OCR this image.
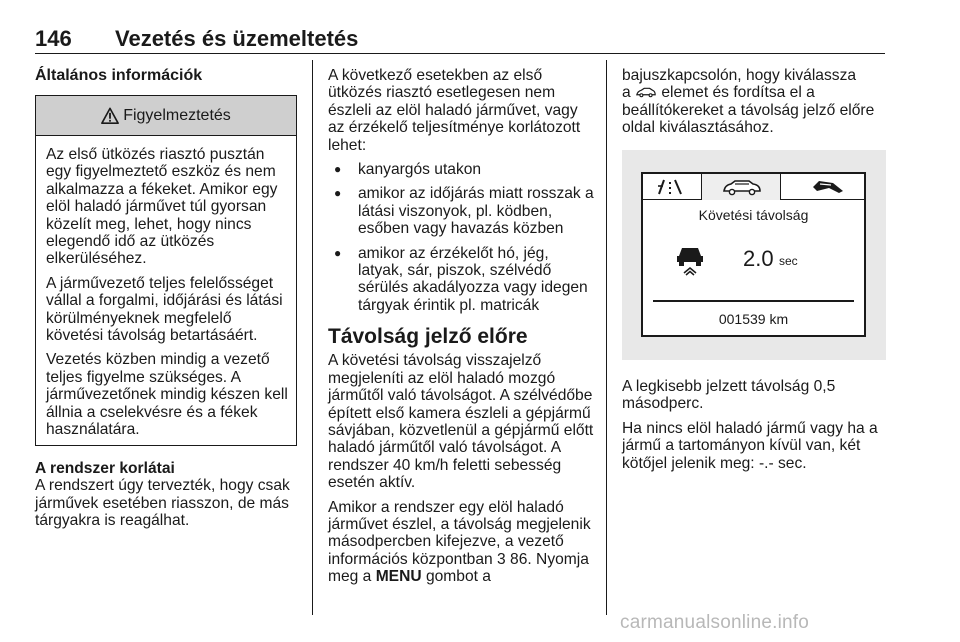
146 Vezetés és üzemeltetés
Általános információk
Figyelmeztetés

Az első ütközés riasztó pusztán egy figyelmeztető eszköz és nem alkalmazza a fékeket. Amikor egy elöl haladó járművet túl gyorsan közelít meg, lehet, hogy nincs elegendő idő az ütközés elkerüléséhez.

A járművezető teljes felelősséget vállal a forgalmi, időjárási és látási körülményeknek megfelelő követési távolság betartásáért.

Vezetés közben mindig a vezető teljes figyelme szükséges. A járművezetőnek mindig készen kell állnia a cselekvésre és a fékek használatára.

A rendszer korlátai

A rendszert úgy tervezték, hogy csak járművek esetében riasszon, de más tárgyakra is reagálhat.

A következő esetekben az első ütközés riasztó esetlegesen nem észleli az elöl haladó járművet, vagy az érzékelő teljesítménye korlátozott lehet:

● kanyargós utakon
● amikor az időjárás miatt rosszak a látási viszonyok, pl. ködben, esőben vagy havazás közben
● amikor az érzékelőt hó, jég, latyak, sár, piszok, szélvédő sérülés akadályozza vagy idegen tárgyak érintik pl. matricák
Távolság jelző előre

A követési távolság visszajelző megjeleníti az elöl haladó mozgó járműtől való távolságot. A szélvédőbe épített első kamera észleli a gépjármű sávjában, közvetlenül a gépjármű előtt haladó járműtől való távolságot. A rendszer 40 km/h feletti sebesség esetén aktív.

Amikor a rendszer egy elöl haladó járművet észlel, a távolság megjelenik másodpercben kifejezve, a vezető információs központban 3 86. Nyomja meg a MENU gombot a

bajuszkapcsolón, hogy kiválassza
a elemet és fordítsa el a beállítókereket a távolság jelző előre oldal kiválasztásához.

Követési távolság
2.0 sec
001539 km

A legkisebb jelzett távolság 0,5 másodperc.

Ha nincs elöl haladó jármű vagy ha a jármű a tartományon kívül van, két kötőjel jelenik meg: -.- sec.

carmanualsonline.info
